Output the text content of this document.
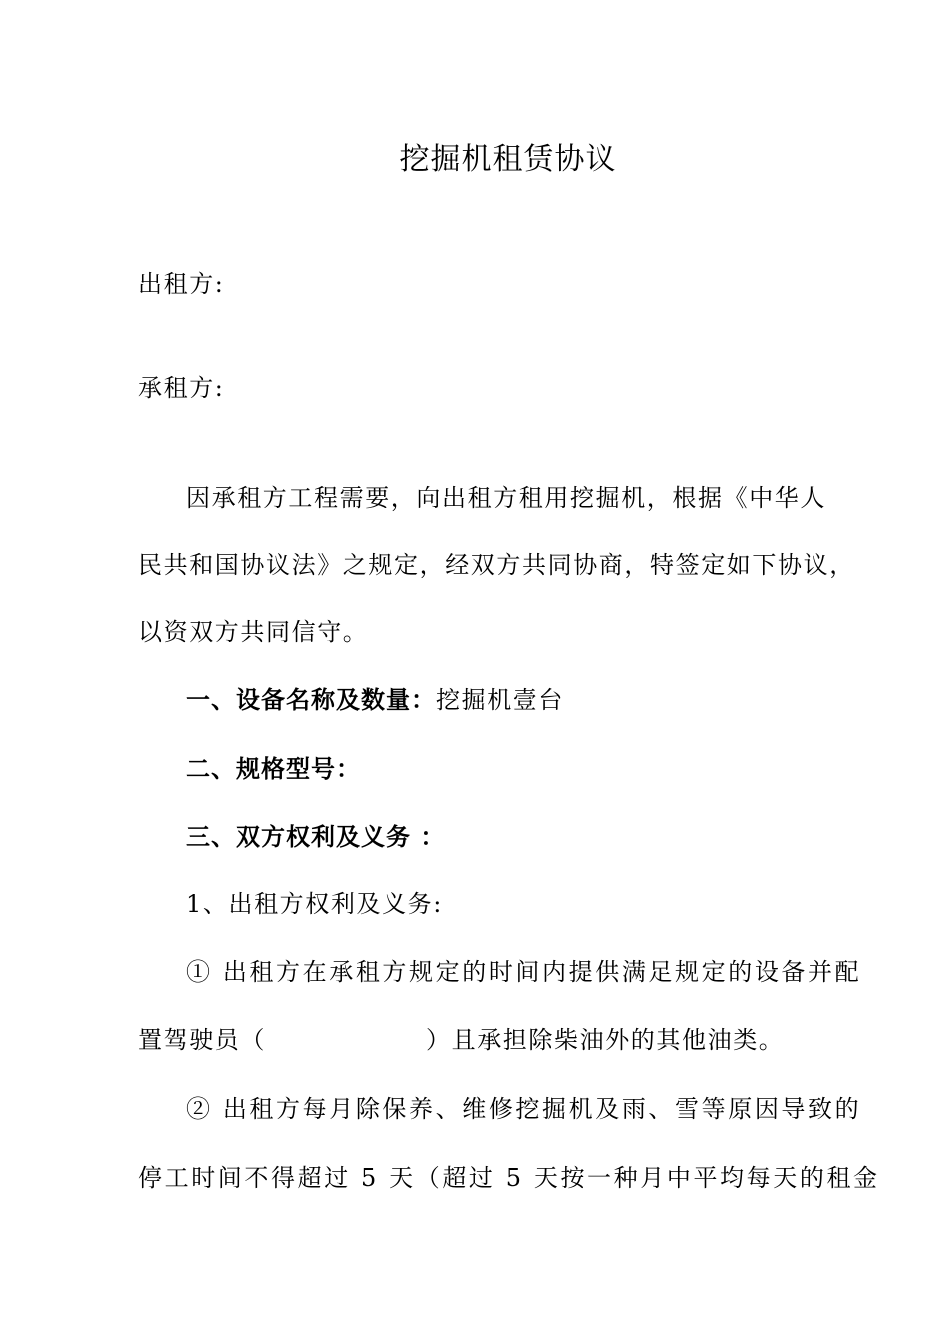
挖掘机租赁协议
出租方:
承租方:
因承租方工程需要，向出租方租用挖掘机，根据《中华人
民共和国协议法》之规定，经双方共同协商，特签定如下协议，
以资双方共同信守。
一、设备名称及数量：挖掘机壹台
二、规格型号：
三、双方权利及义务 ：
1、出租方权利及义务:
① 出租方在承租方规定的时间内提供满足规定的设备并配
置驾驶员（	）且承担除柴油外的其他油类。
② 出租方每月除保养、维修挖掘机及雨、雪等原因导致的
停工时间不得超过 5 天（超过 5 天按一种月中平均每天的租金
